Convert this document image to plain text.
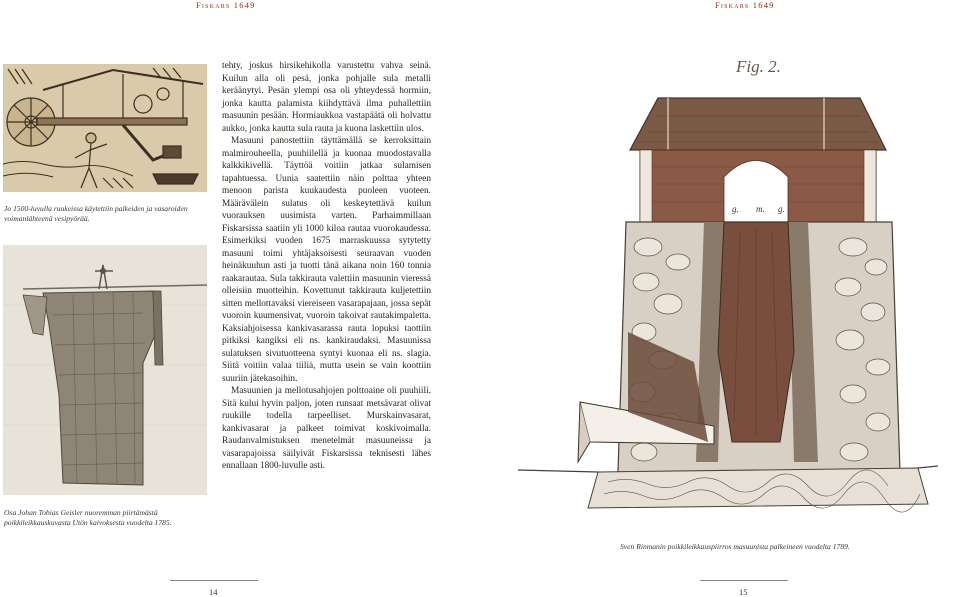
Fiskars 1649	Fiskars 1649
Jo 1500-luvulla ruukeissa käytettiin palkeiden ja vasaroiden voimanlähteenä vesipyörää.
Osa Johan Tobias Geisler nuoremman piirtämästä poikkileikkauskuvasta Utön kaivoksesta vuodelta 1785.

tehty, joskus hirsikehikolla varustettu vahva seinä. Kuilun alla oli pesä, jonka pohjalle sula metalli keräänytyi. Pesän ylempi osa oli yhteydessä hormiin, jonka kautta palamista kiihdyttävä ilma puhallettiin masuunin pesään. Hormiaukkoa vastapäätä oli holvattu aukko, jonka kautta sula rauta ja kuona laskettiin ulos.

Masuuni panostettiin täyttämällä se kerroksittain malmirouheella, puuhiilellä ja kuonaa muodostavalla kalkkikivellä. Täyttöä voitiin jatkaa sulamisen tapahtuessa. Uunia saatettiin näin polttaa yhteen menoon parista kuukaudesta puoleen vuoteen. Määrävälein sulatus oli keskeytettävä kuilun vuorauksen uusimista varten. Parhaimmillaan Fiskarsissa saatiin yli 1000 kiloa rautaa vuorokaudessa. Esimerkiksi vuoden 1675 marraskuussa sytytetty masuuni toimi yhtäjaksoisesti seuraavan vuoden heinäkuuhun asti ja tuotti tänä aikana noin 160 tonnia raakarautaa. Sula takkirauta valettiin masuunin vieressä olleisiin muotteihin. Kovettunut takkirauta kuljetettiin sitten mellottavaksi viereiseen vasarapajaan, jossa sepät vuoroin kuumensivat, vuoroin takoivat rautakimpaletta. Kaksiahjoisessa kankivasarassa rauta lopuksi taottiin pitkiksi kangiksi eli ns. kankiraudaksi. Masuunissa sulatuksen sivutuotteena syntyi kuonaa eli ns. slagia. Siitä voitiin valaa tiiliä, mutta usein se vain koottiin suuriin jätekasoihin.

Masuunien ja mellotusahjojen polttoaine oli puuhiili. Sitä kului hyvin paljon, joten runsaat metsävarat olivat ruukille todella tarpeelliset. Murskainvasarat, kankivasarat ja palkeet toimivat koskivoimalla. Raudanvalmistuksen menetelmät masuuneissa ja vasarapajoissa säilyivät Fiskarsissa teknisesti lähes ennallaan 1800-luvulle asti.

Fig. 2.
g. m. g.
Sven Rinmanin poikkileikkauspiirros masuunista palkeineen vuodelta 1789.
14	15
